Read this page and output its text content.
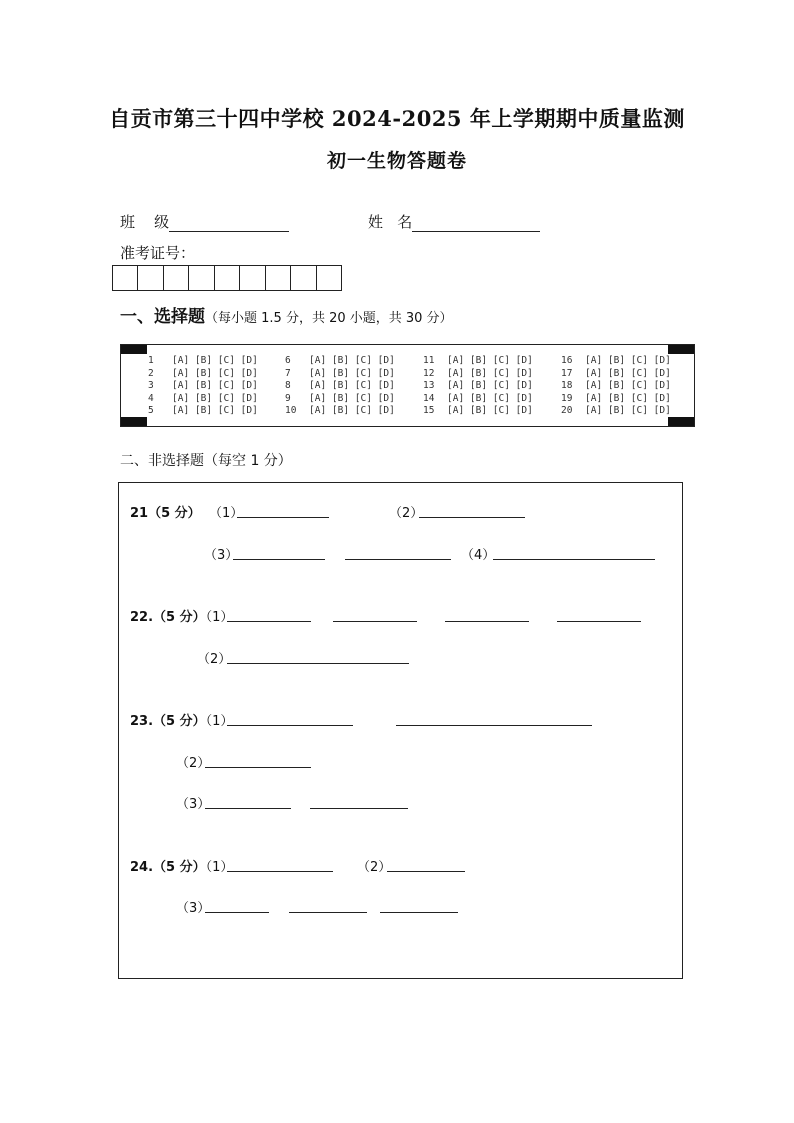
自贡市第三十四中学校 2024-2025 年上学期期中质量监测
初一生物答题卷
班    级	姓   名
准考证号：
一、选择题（每小题 1.5 分，共 20 小题，共 30 分）
1 [A] [B] [C] [D]
2 [A] [B] [C] [D]
3 [A] [B] [C] [D]
4 [A] [B] [C] [D]
5 [A] [B] [C] [D]
6 [A] [B] [C] [D]
7 [A] [B] [C] [D]
8 [A] [B] [C] [D]
9 [A] [B] [C] [D]
10 [A] [B] [C] [D]
11 [A] [B] [C] [D]
12 [A] [B] [C] [D]
13 [A] [B] [C] [D]
14 [A] [B] [C] [D]
15 [A] [B] [C] [D]
16 [A] [B] [C] [D]
17 [A] [B] [C] [D]
18 [A] [B] [C] [D]
19 [A] [B] [C] [D]
20 [A] [B] [C] [D]
二、非选择题（每空 1 分）
21（5 分） （1）	（2）
（3）	（4）
22.（5 分）（1）
（2）
23.（5 分）（1）
（2）
（3）
24.（5 分）（1）	（2）
（3）
